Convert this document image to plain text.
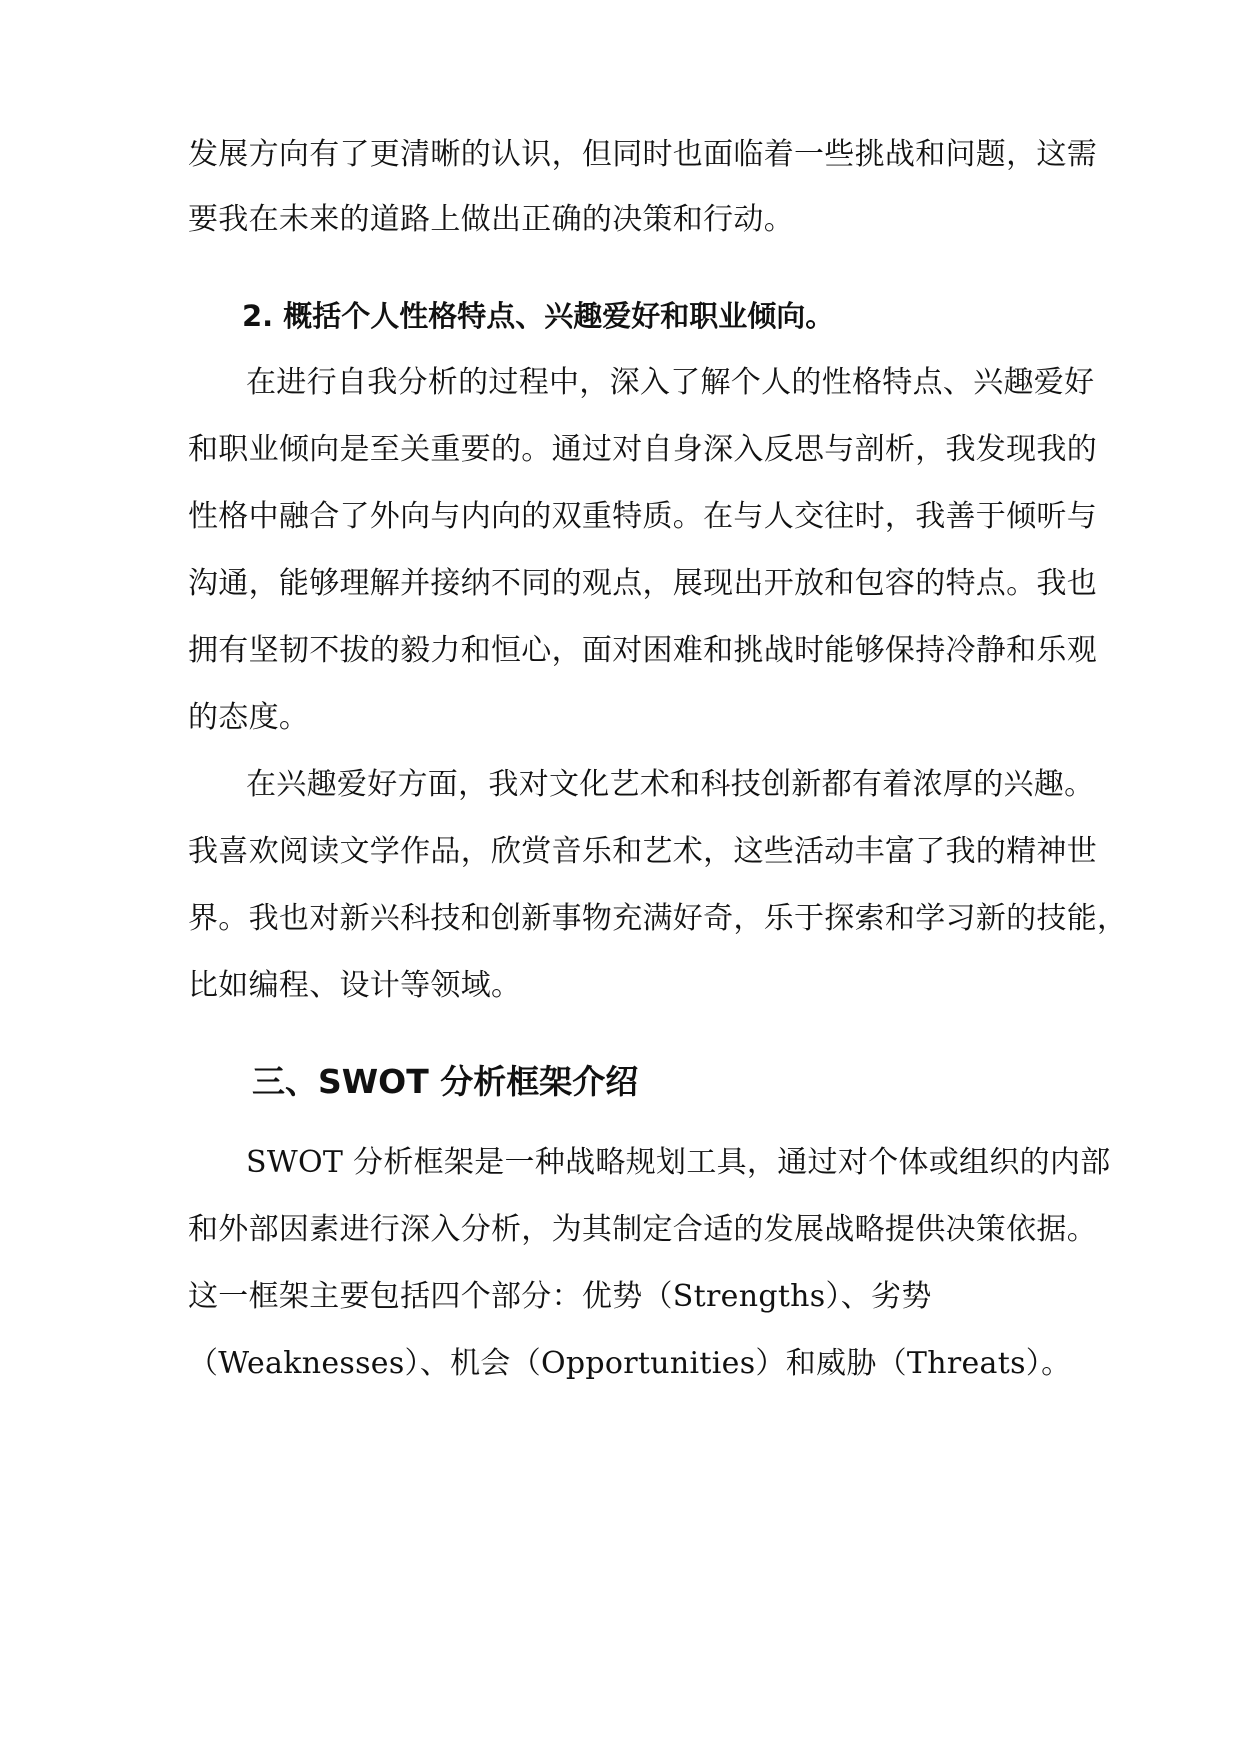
发展方向有了更清晰的认识，但同时也面临着一些挑战和问题，这需
要我在未来的道路上做出正确的决策和行动。
2. 概括个人性格特点、兴趣爱好和职业倾向。
在进行自我分析的过程中，深入了解个人的性格特点、兴趣爱好
和职业倾向是至关重要的。通过对自身深入反思与剖析，我发现我的
性格中融合了外向与内向的双重特质。在与人交往时，我善于倾听与
沟通，能够理解并接纳不同的观点，展现出开放和包容的特点。我也
拥有坚韧不拔的毅力和恒心，面对困难和挑战时能够保持冷静和乐观
的态度。
在兴趣爱好方面，我对文化艺术和科技创新都有着浓厚的兴趣。
我喜欢阅读文学作品，欣赏音乐和艺术，这些活动丰富了我的精神世
界。我也对新兴科技和创新事物充满好奇，乐于探索和学习新的技能，
比如编程、设计等领域。
三、SWOT 分析框架介绍
SWOT 分析框架是一种战略规划工具，通过对个体或组织的内部
和外部因素进行深入分析，为其制定合适的发展战略提供决策依据。
这一框架主要包括四个部分：优势（Strengths）、劣势
（Weaknesses）、机会（Opportunities）和威胁（Threats）。
